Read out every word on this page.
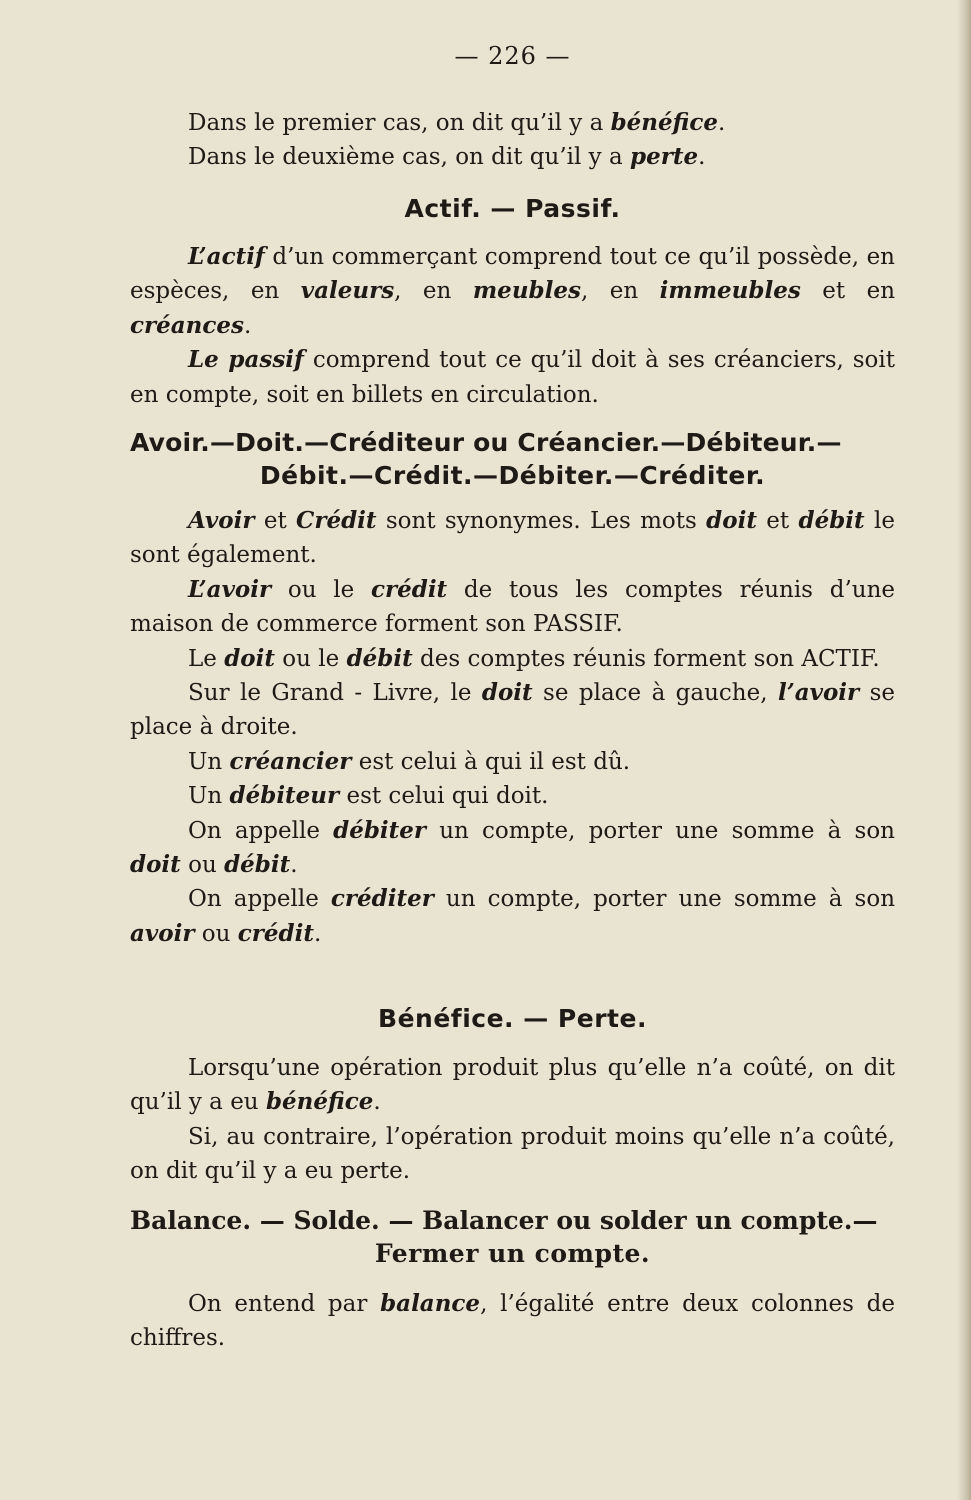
— 226 —

Dans le premier cas, on dit qu’il y a bénéfice.

Dans le deuxième cas, on dit qu’il y a perte.

Actif. — Passif.

L’actif d’un commerçant comprend tout ce qu’il possède, en espèces, en valeurs, en meubles, en immeubles et en créances.

Le passif comprend tout ce qu’il doit à ses créanciers, soit en compte, soit en billets en circulation.

Avoir.—Doit.—Créditeur ou Créancier.—Débiteur.—
Débit.—Crédit.—Débiter.—Créditer.

Avoir et Crédit sont synonymes. Les mots doit et débit le sont également.

L’avoir ou le crédit de tous les comptes réunis d’une maison de commerce forment son PASSIF.

Le doit ou le débit des comptes réunis forment son ACTIF.

Sur le Grand - Livre, le doit se place à gauche, l’avoir se place à droite.

Un créancier est celui à qui il est dû.

Un débiteur est celui qui doit.

On appelle débiter un compte, porter une somme à son doit ou débit.

On appelle créditer un compte, porter une somme à son avoir ou crédit.

Bénéfice. — Perte.

Lorsqu’une opération produit plus qu’elle n’a coûté, on dit qu’il y a eu bénéfice.

Si, au contraire, l’opération produit moins qu’elle n’a coûté, on dit qu’il y a eu perte.

Balance. — Solde. — Balancer ou solder un compte.—
Fermer un compte.

On entend par balance, l’égalité entre deux colonnes de chiffres.
